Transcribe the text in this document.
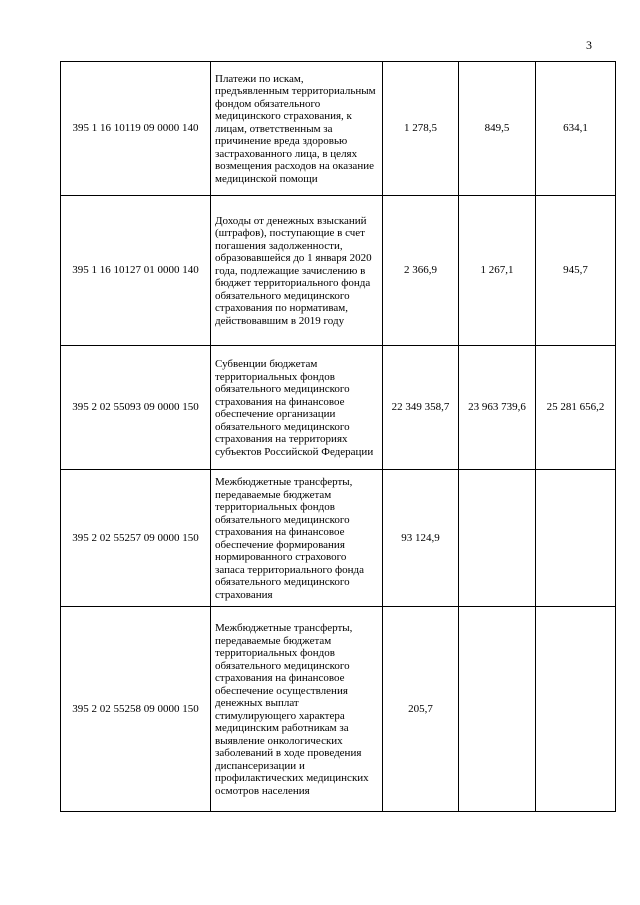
3
395 1 16 10119 09 0000 140	Платежи по искам, предъявленным территориальным фондом обязательного медицинского страхования, к лицам, ответственным за причинение вреда здоровью застрахованного лица, в целях возмещения расходов на оказание медицинской помощи	1 278,5	849,5	634,1
395 1 16 10127 01 0000 140	Доходы от денежных взысканий (штрафов), поступающие в счет погашения задолженности, образовавшейся до 1 января 2020 года, подлежащие зачислению в бюджет территориального фонда обязательного медицинского страхования по нормативам, действовавшим в 2019 году	2 366,9	1 267,1	945,7
395 2 02 55093 09 0000 150	Субвенции бюджетам территориальных фондов обязательного медицинского страхования на финансовое обеспечение организации обязательного медицинского страхования на территориях субъектов Российской Федерации	22 349 358,7	23 963 739,6	25 281 656,2
395 2 02 55257 09 0000 150	Межбюджетные трансферты, передаваемые бюджетам территориальных фондов обязательного медицинского страхования на финансовое обеспечение формирования нормированного страхового запаса территориального фонда обязательного медицинского страхования	93 124,9		
395 2 02 55258 09 0000 150	Межбюджетные трансферты, передаваемые бюджетам территориальных фондов обязательного медицинского страхования на финансовое обеспечение осуществления денежных выплат стимулирующего характера медицинским работникам за выявление онкологических заболеваний в ходе проведения диспансеризации и профилактических медицинских осмотров населения	205,7		
